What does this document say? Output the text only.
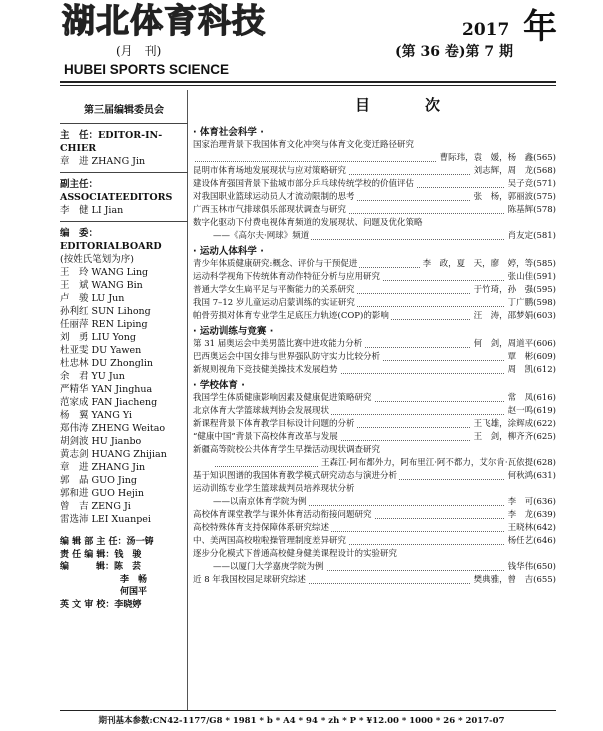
湖北体育科技
(月　刊)
HUBEI SPORTS SCIENCE
2017 年
(第 36 卷)第 7 期
第三届编辑委员会
主　任：EDITOR-IN-CHIER
章　进 ZHANG Jin
副主任：ASSOCIATEEDITORS
李　健 LI Jian
编　委：EDITORIALBOARD
(按姓氏笔划为序)
王　玲 WANG Ling
王　斌 WANG Bin
卢　骏 LU Jun
孙利红 SUN Lihong
任丽萍 REN Liping
刘　勇 LIU Yong
杜亚雯 DU Yawen
杜忠林 DU Zhonglin
余　君 YU Jun
严精华 YAN Jinghua
范家成 FAN Jiacheng
杨　翼 YANG Yi
郑伟涛 ZHENG Weitao
胡剑波 HU Jianbo
黄志剑 HUANG Zhijian
章　进 ZHANG Jin
郭　晶 GUO Jing
郭和进 GUO Hejin
曾　吉 ZENG Ji
雷选沛 LEI Xuanpei
编 辑 部 主 任：汤一铸
责 任 编 辑：钱　骏
编　　　辑：陈　芸
李　畅
何国平
英 文 审 校：李晓婷
目　次
· 体育社会科学 ·
国家治理背景下我国体育文化冲突与体育文化变迁路径研究
曹际玮，袁　媛，杨　鑫(565)
昆明市体育场地发展现状与应对策略研究	刘志辉，周　龙(568)
建设体育强国背景下盐城市部分乒乓球传统学校的价值评估	吴子竞(571)
对我国职业篮球运动员人才流动限制的思考	张　杨，郭丽波(575)
广西玉林市气排球俱乐部现状调查与研究	陈基辉(578)
数字化驱动下付费电视体育频道的发展现状、问题及优化策略
——《高尔夫·网球》频道	肖友定(581)
· 运动人体科学 ·
青少年体质健康研究:概念、评价与干预促进	李　政，夏　天，廖　婷，等(585)
运动科学视角下传统体育动作特征分析与应用研究	张山佳(591)
普通大学女生扁平足与平衡能力的关系研究	于竹琦，孙　强(595)
我国 7–12 岁儿童运动启蒙训练的实证研究	丁广鹏(598)
帕骨劳损对体育专业学生足底压力轨迹(COP)的影响	汪　涛，邵梦娟(603)
· 运动训练与竞赛 ·
第 31 届奥运会中美男篮比赛中进攻能力分析	何　剑，周道平(606)
巴西奥运会中国女排与世界强队防守实力比较分析	覃　彬(609)
新规则视角下竞技健美操技术发展趋势	周　凯(612)
· 学校体育 ·
我国学生体质健康影响因素及健康促进策略研究	常　凤(616)
北京体育大学篮球裁判协会发展现状	赵一鸣(619)
新课程背景下体育教学目标设计问题的分析	王飞雄，涂辉成(622)
“健康中国”背景下高校体育改革与发展	王　剑，柳齐齐(625)
新疆高等院校公共体育学生早操活动现状调查研究
王森江·阿布都外力，阿布里江·阿不都力，艾尔肯·瓦依提(628)
基于知识图谱的我国体育教学模式研究动态与演进分析	何秋鸿(631)
运动训练专业学生篮球裁判员培养现状分析
——以南京体育学院为例	李　可(636)
高校体育课堂教学与课外体育活动衔接问题研究	李　龙(639)
高校特殊体育支持保障体系研究综述	王晓林(642)
中、美两国高校啦啦操管理制度差异研究	杨任艺(646)
逐步分化模式下普通高校健身健美课程设计的实验研究
——以厦门大学嘉庚学院为例	钱华伟(650)
近 8 年我国校园足球研究综述	樊典雅，曾　吉(655)
期刊基本参数:CN42-1177/G8 * 1981 * b * A4 * 94 * zh * P * ¥12.00 * 1000 * 26 * 2017-07
